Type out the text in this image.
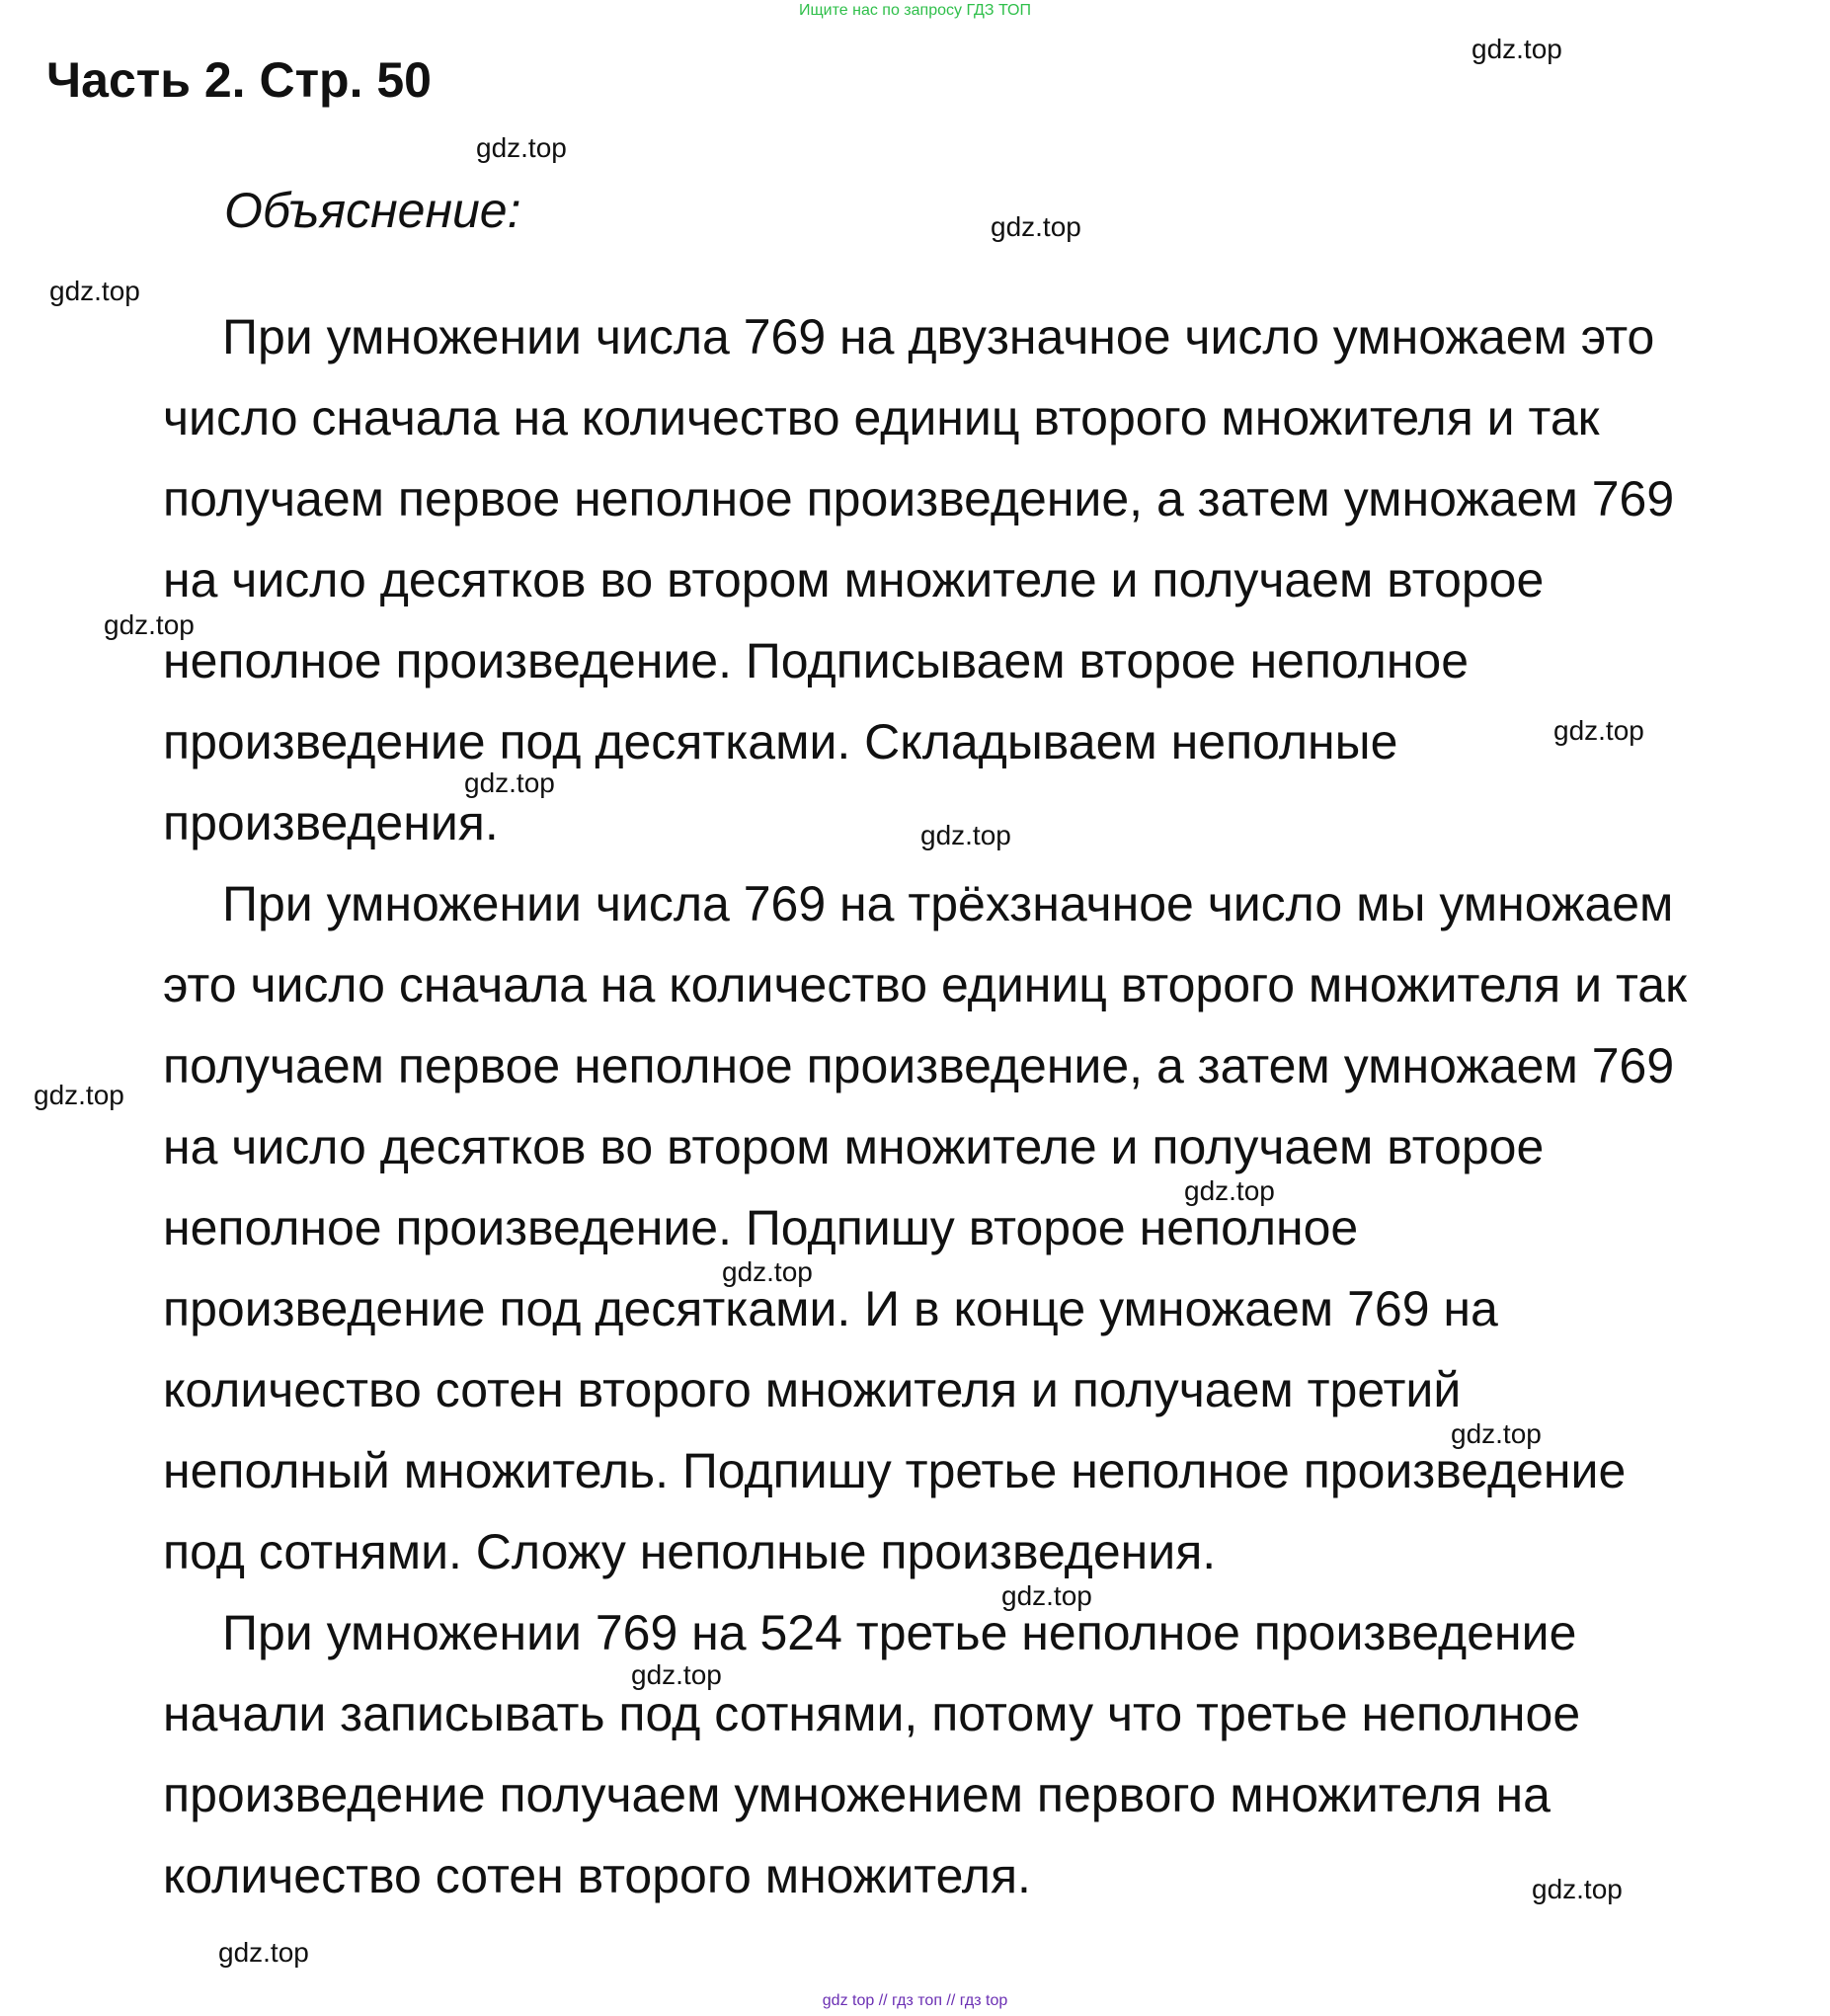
Ищите нас по запросу ГДЗ ТОП
Часть 2. Стр. 50
Объяснение:
При умножении числа 769 на двузначное число умножаем это
число сначала на количество единиц второго множителя и так
получаем первое неполное произведение, а затем умножаем 769
на число десятков во втором множителе и получаем второе
неполное произведение. Подписываем второе неполное
произведение под десятками. Складываем неполные
произведения.
При умножении числа 769 на трёхзначное число мы умножаем
это число сначала на количество единиц второго множителя и так
получаем первое неполное произведение, а затем умножаем 769
на число десятков во втором множителе и получаем второе
неполное произведение. Подпишу второе неполное
произведение под десятками. И в конце умножаем 769 на
количество сотен второго множителя и получаем третий
неполный множитель. Подпишу третье неполное произведение
под сотнями. Сложу неполные произведения.
При умножении 769 на 524 третье неполное произведение
начали записывать под сотнями, потому что третье неполное
произведение получаем умножением первого множителя на
количество сотен второго множителя.
gdz.top
gdz.top
gdz.top
gdz.top
gdz.top
gdz.top
gdz.top
gdz.top
gdz.top
gdz.top
gdz.top
gdz.top
gdz.top
gdz.top
gdz.top
gdz.top
gdz top // гдз топ // гдз top
